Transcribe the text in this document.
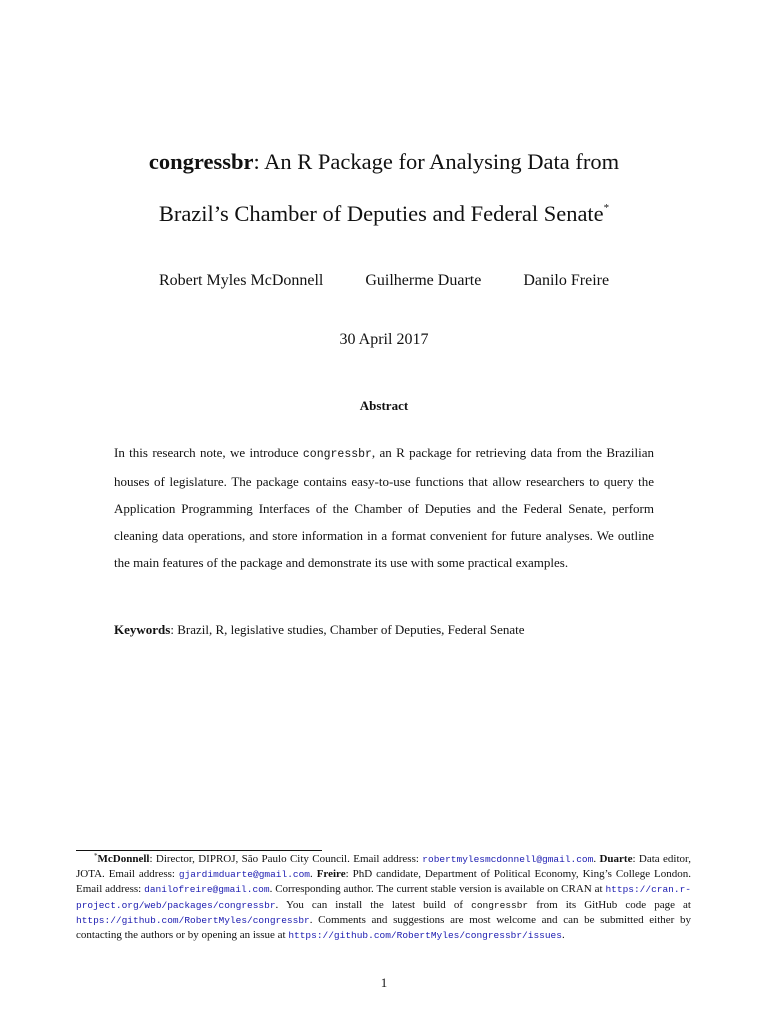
congressbr: An R Package for Analysing Data from
Brazil’s Chamber of Deputies and Federal Senate*
Robert Myles McDonnell	Guilherme Duarte	Danilo Freire
30 April 2017
Abstract
In this research note, we introduce congressbr, an R package for retrieving data from the Brazilian houses of legislature. The package contains easy-to-use functions that allow researchers to query the Application Programming Interfaces of the Chamber of Deputies and the Federal Senate, perform cleaning data operations, and store information in a format convenient for future analyses. We outline the main features of the package and demonstrate its use with some practical examples.
Keywords: Brazil, R, legislative studies, Chamber of Deputies, Federal Senate
*McDonnell: Director, DIPROJ, São Paulo City Council. Email address: robertmylesmcdonnell@gmail.com. Duarte: Data editor, JOTA. Email address: gjardimduarte@gmail.com. Freire: PhD candidate, Department of Political Economy, King’s College London. Email address: danilofreire@gmail.com. Corresponding author. The current stable version is available on CRAN at https://cran.r-project.org/web/packages/congressbr. You can install the latest build of congressbr from its GitHub code page at https://github.com/RobertMyles/congressbr. Comments and suggestions are most welcome and can be submitted either by contacting the authors or by opening an issue at https://github.com/RobertMyles/congressbr/issues.
1
